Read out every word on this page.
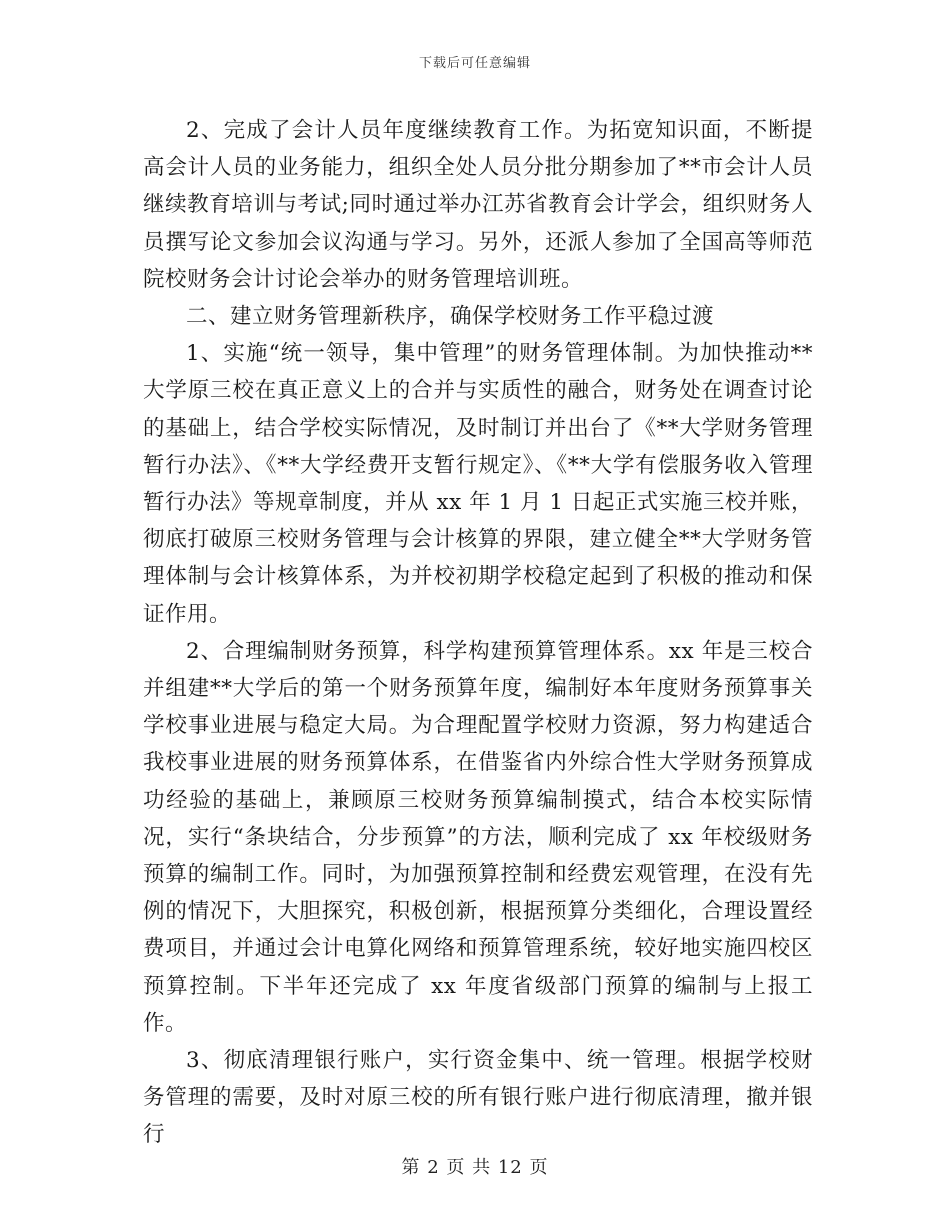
下载后可任意编辑

2、完成了会计人员年度继续教育工作。为拓宽知识面，不断提高会计人员的业务能力，组织全处人员分批分期参加了**市会计人员继续教育培训与考试;同时通过举办江苏省教育会计学会，组织财务人员撰写论文参加会议沟通与学习。另外，还派人参加了全国高等师范院校财务会计讨论会举办的财务管理培训班。

二、建立财务管理新秩序，确保学校财务工作平稳过渡

1、实施“统一领导，集中管理”的财务管理体制。为加快推动**大学原三校在真正意义上的合并与实质性的融合，财务处在调查讨论的基础上，结合学校实际情况，及时制订并出台了《**大学财务管理暂行办法》、《**大学经费开支暂行规定》、《**大学有偿服务收入管理暂行办法》等规章制度，并从 xx 年 1 月 1 日起正式实施三校并账，彻底打破原三校财务管理与会计核算的界限，建立健全**大学财务管理体制与会计核算体系，为并校初期学校稳定起到了积极的推动和保证作用。

2、合理编制财务预算，科学构建预算管理体系。xx 年是三校合并组建**大学后的第一个财务预算年度，编制好本年度财务预算事关学校事业进展与稳定大局。为合理配置学校财力资源，努力构建适合我校事业进展的财务预算体系，在借鉴省内外综合性大学财务预算成功经验的基础上，兼顾原三校财务预算编制摸式，结合本校实际情况，实行“条块结合，分步预算”的方法，顺利完成了 xx 年校级财务预算的编制工作。同时，为加强预算控制和经费宏观管理，在没有先例的情况下，大胆探究，积极创新，根据预算分类细化，合理设置经费项目，并通过会计电算化网络和预算管理系统，较好地实施四校区预算控制。下半年还完成了 xx 年度省级部门预算的编制与上报工作。

3、彻底清理银行账户，实行资金集中、统一管理。根据学校财务管理的需要，及时对原三校的所有银行账户进行彻底清理，撤并银行

第 2 页 共 12 页
